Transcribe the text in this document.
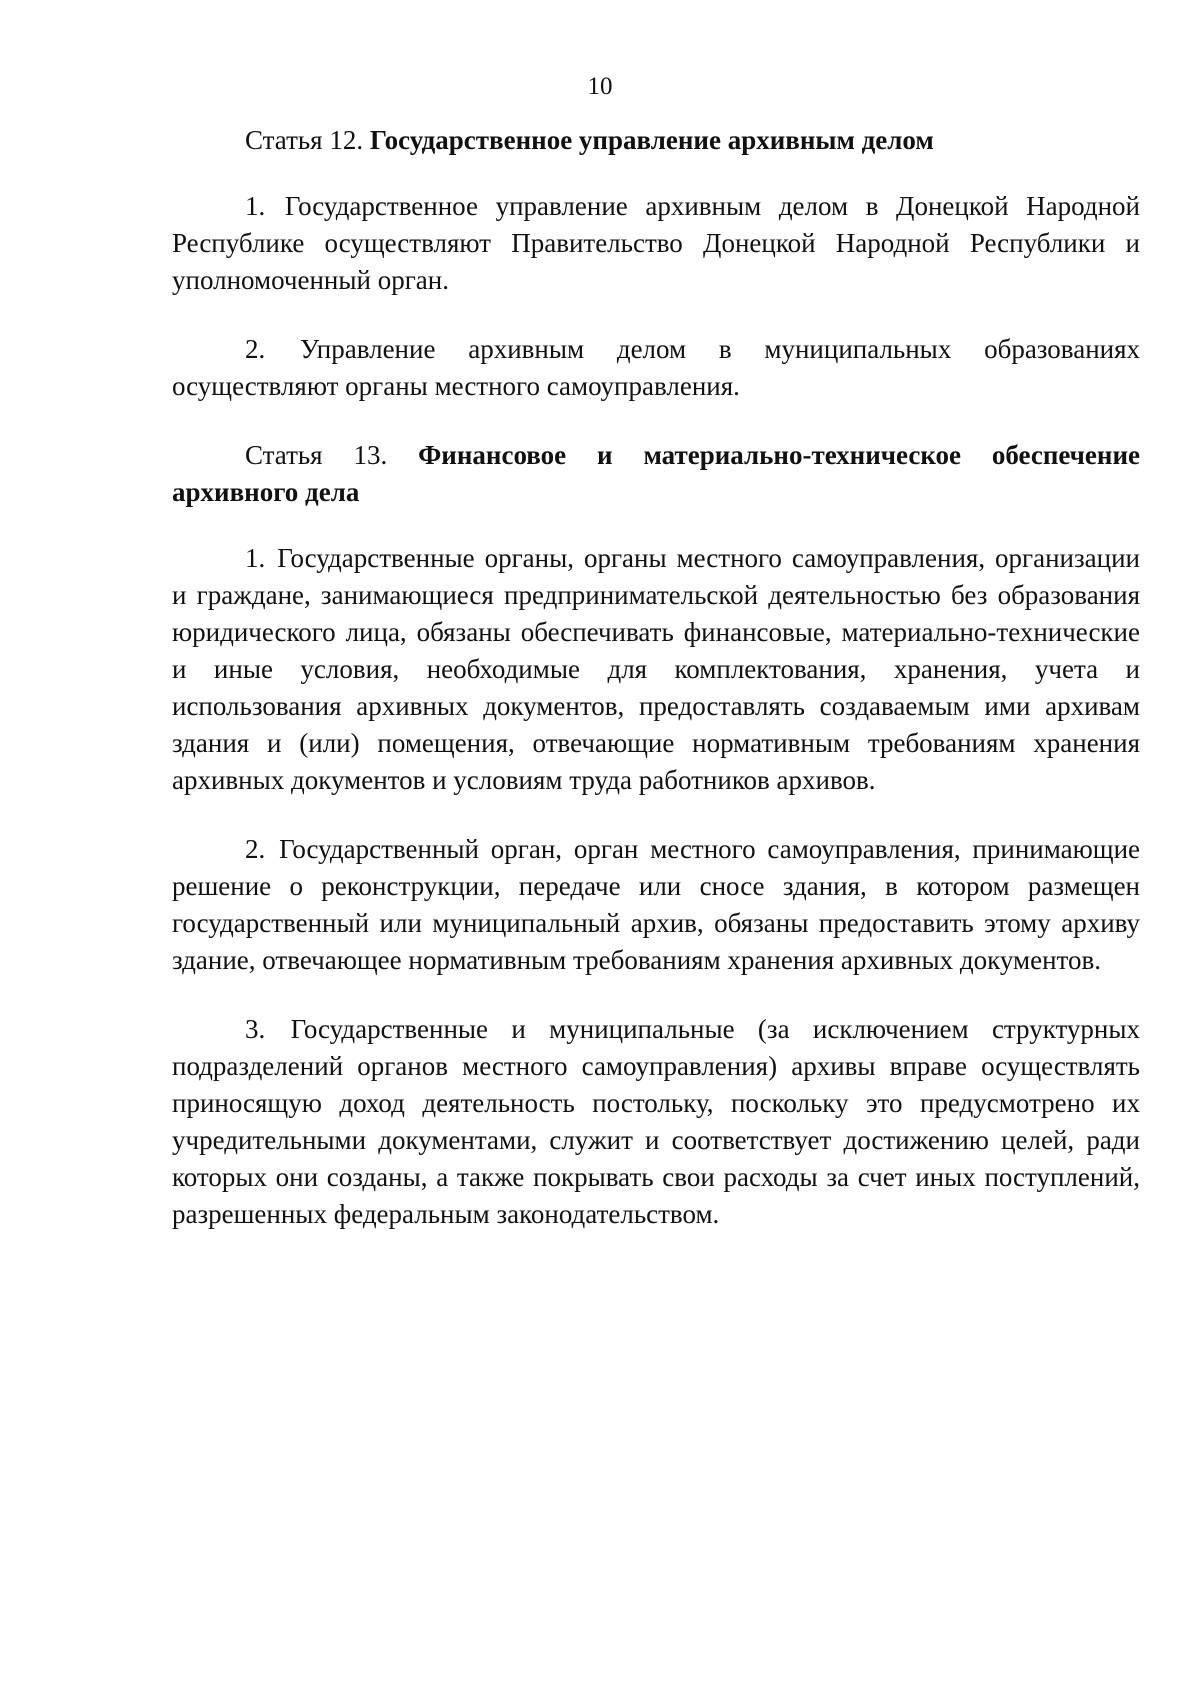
10

Статья 12. Государственное управление архивным делом

1. Государственное управление архивным делом в Донецкой Народной Республике осуществляют Правительство Донецкой Народной Республики и уполномоченный орган.

2. Управление архивным делом в муниципальных образованиях осуществляют органы местного самоуправления.

Статья 13. Финансовое и материально-техническое обеспечение архивного дела

1. Государственные органы, органы местного самоуправления, организации и граждане, занимающиеся предпринимательской деятельностью без образования юридического лица, обязаны обеспечивать финансовые, материально-технические и иные условия, необходимые для комплектования, хранения, учета и использования архивных документов, предоставлять создаваемым ими архивам здания и (или) помещения, отвечающие нормативным требованиям хранения архивных документов и условиям труда работников архивов.

2. Государственный орган, орган местного самоуправления, принимающие решение о реконструкции, передаче или сносе здания, в котором размещен государственный или муниципальный архив, обязаны предоставить этому архиву здание, отвечающее нормативным требованиям хранения архивных документов.

3. Государственные и муниципальные (за исключением структурных подразделений органов местного самоуправления) архивы вправе осуществлять приносящую доход деятельность постольку, поскольку это предусмотрено их учредительными документами, служит и соответствует достижению целей, ради которых они созданы, а также покрывать свои расходы за счет иных поступлений, разрешенных федеральным законодательством.
